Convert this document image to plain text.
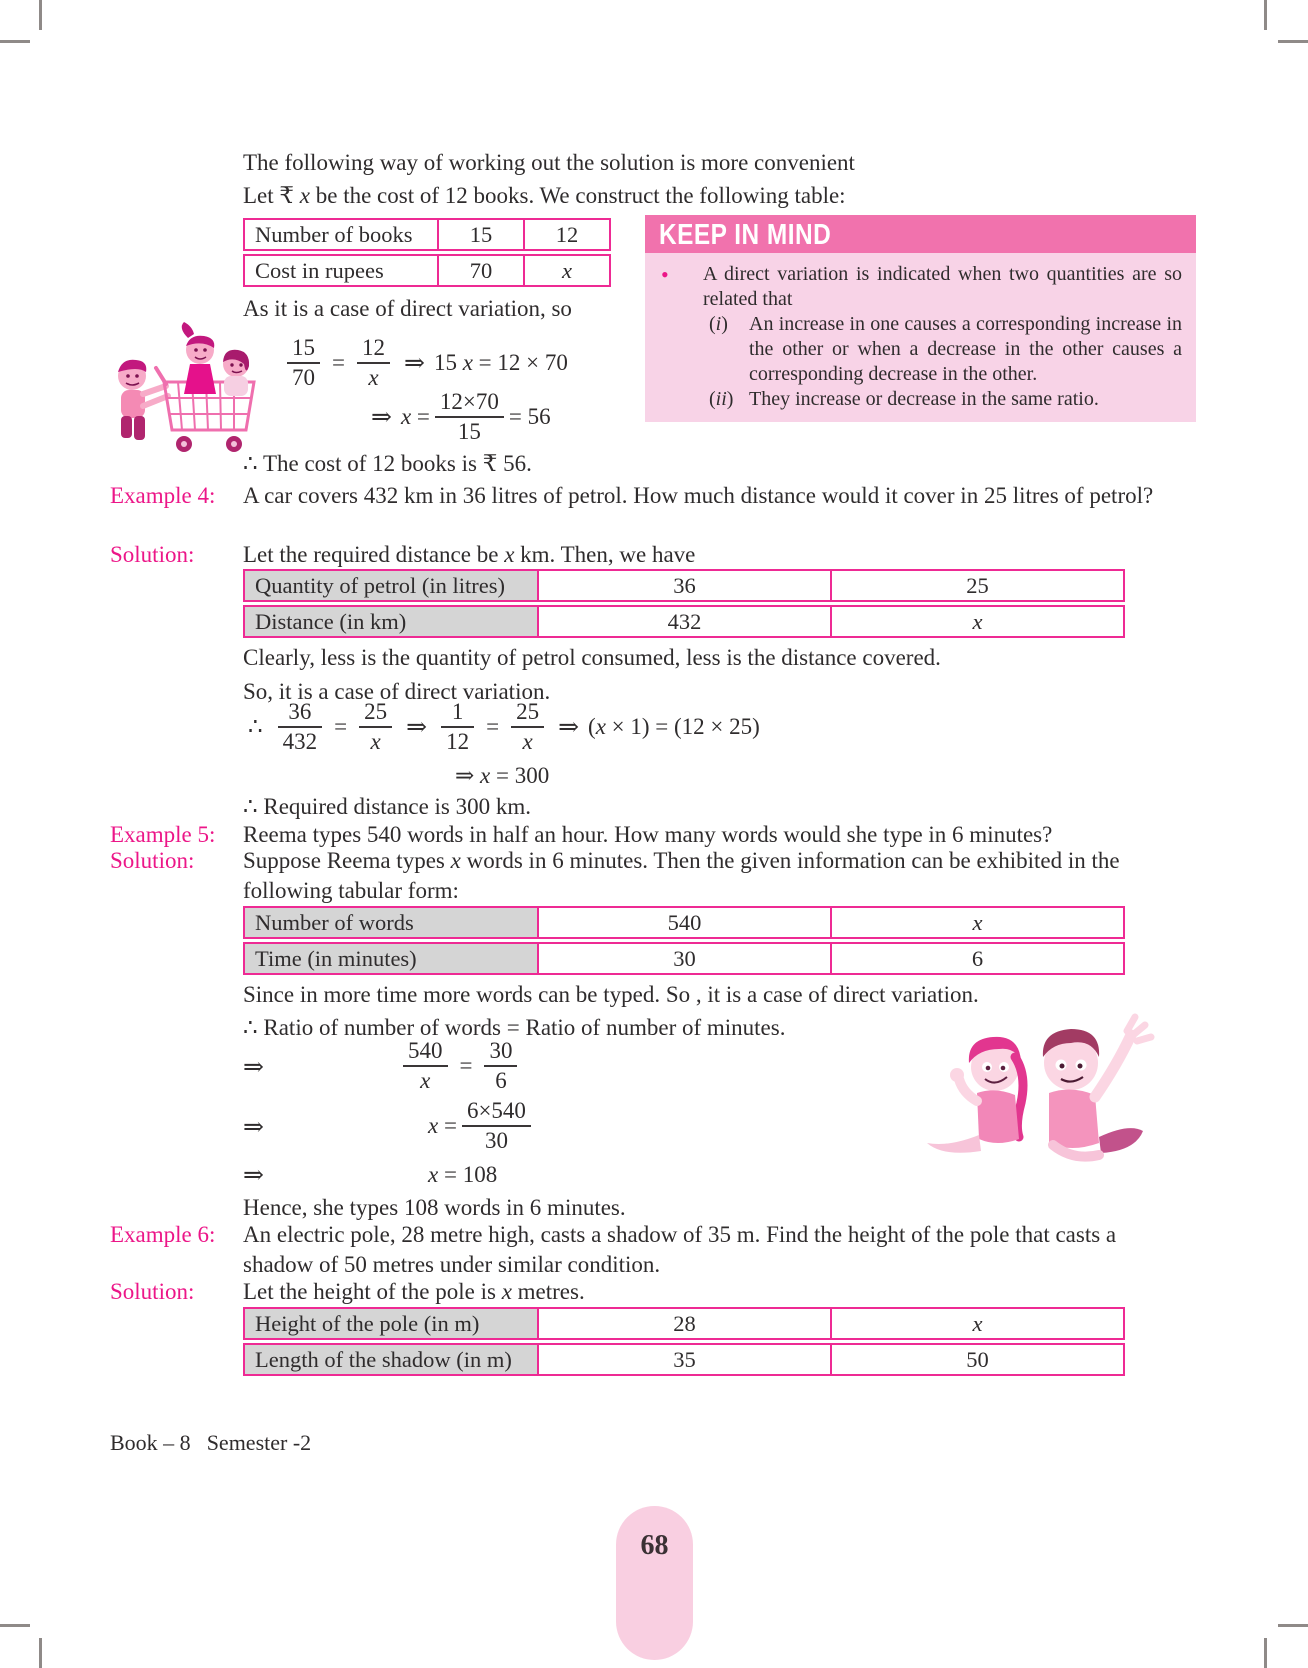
The following way of working out the solution is more convenient
Let ₹ x be the cost of 12 books. We construct the following table:
Number of books	15	12
Cost in rupees	70	x
KEEP IN MIND
•	A direct variation is indicated when two quantities are so related that
(i)	An increase in one causes a corresponding increase in the other or when a decrease in the other causes a corresponding decrease in the other.
(ii) They increase or decrease in the same ratio.
As it is a case of direct variation, so
$\frac{15}{70} = \frac{12}{x}$ ⇒ 15 x = 12 × 70
⇒ $x = \frac{12\times 70}{15} = 56$
∴ The cost of 12 books is ₹ 56.
Example 4:	A car covers 432 km in 36 litres of petrol. How much distance would it cover in 25 litres of petrol?
Solution:	Let the required distance be x km. Then, we have
Quantity of petrol (in litres)	36	25
Distance (in km)	432	x
Clearly, less is the quantity of petrol consumed, less is the distance covered.
So, it is a case of direct variation.
∴ $\frac{36}{432} = \frac{25}{x}$ ⇒ $\frac{1}{12} = \frac{25}{x}$ ⇒ (x × 1) = (12 × 25)
⇒ x = 300
∴ Required distance is 300 km.
Example 5:	Reema types 540 words in half an hour. How many words would she type in 6 minutes?
Solution:	Suppose Reema types x words in 6 minutes. Then the given information can be exhibited in the following tabular form:
Number of words	540	x
Time (in minutes)	30	6
Since in more time more words can be typed. So , it is a case of direct variation.
∴ Ratio of number of words = Ratio of number of minutes.
⇒	$\frac{540}{x} = \frac{30}{6}$
⇒	$x = \frac{6\times 540}{30}$
⇒	x = 108
Hence, she types 108 words in 6 minutes.
Example 6:	An electric pole, 28 metre high, casts a shadow of 35 m. Find the height of the pole that casts a shadow of 50 metres under similar condition.
Solution:	Let the height of the pole is x metres.
Height of the pole (in m)	28	x
Length of the shadow (in m)	35	50
Book – 8 Semester -2
68
